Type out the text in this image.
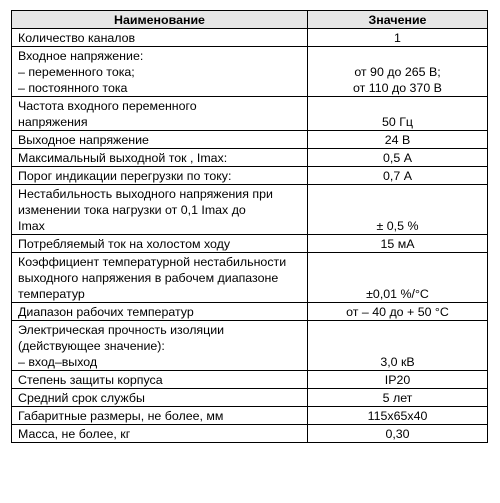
Наименование	Значение

Количество каналов	1

Входное напряжение:
– переменного тока;
– постоянного тока	от 90 до 265 В;
от 110 до 370 В

Частота входного переменного
напряжения	50 Гц

Выходное напряжение	24 В

Максимальный выходной ток , Imax:	0,5 А

Порог индикации перегрузки по току:	0,7 А

Нестабильность выходного напряжения при
изменении тока нагрузки от 0,1 Imax до
Imax	± 0,5 %

Потребляемый ток на холостом ходу	15 мА

Коэффициент температурной нестабильности
выходного напряжения в рабочем диапазоне
температур	±0,01 %/°С

Диапазон рабочих температур	от – 40 до + 50 °С

Электрическая прочность изоляции
(действующее значение):
– вход–выход	3,0 кВ

Степень защиты корпуса	IP20

Средний срок службы	5 лет

Габаритные размеры, не более, мм	115х65х40

Масса, не более, кг	0,30
